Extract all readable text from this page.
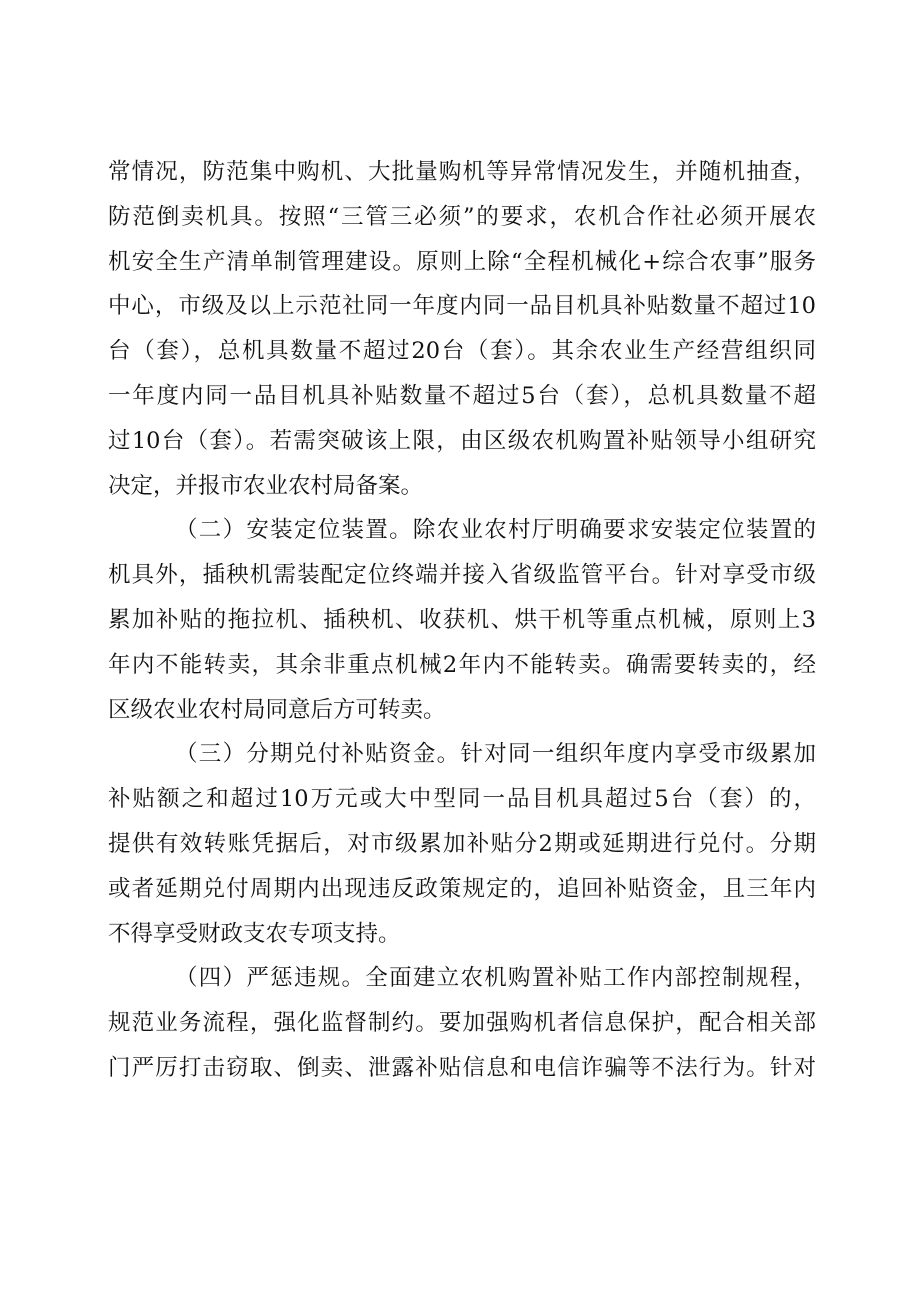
常情况，防范集中购机、大批量购机等异常情况发生，并随机抽查，
防范倒卖机具。按照“三管三必须”的要求，农机合作社必须开展农
机安全生产清单制管理建设。原则上除“全程机械化+综合农事”服务
中心，市级及以上示范社同一年度内同一品目机具补贴数量不超过10
台（套），总机具数量不超过20台（套）。其余农业生产经营组织同
一年度内同一品目机具补贴数量不超过5台（套），总机具数量不超
过10台（套）。若需突破该上限，由区级农机购置补贴领导小组研究
决定，并报市农业农村局备案。
（二）安装定位装置。除农业农村厅明确要求安装定位装置的
机具外，插秧机需装配定位终端并接入省级监管平台。针对享受市级
累加补贴的拖拉机、插秧机、收获机、烘干机等重点机械，原则上3
年内不能转卖，其余非重点机械2年内不能转卖。确需要转卖的，经
区级农业农村局同意后方可转卖。
（三）分期兑付补贴资金。针对同一组织年度内享受市级累加
补贴额之和超过10万元或大中型同一品目机具超过5台（套）的，
提供有效转账凭据后，对市级累加补贴分2期或延期进行兑付。分期
或者延期兑付周期内出现违反政策规定的，追回补贴资金，且三年内
不得享受财政支农专项支持。
（四）严惩违规。全面建立农机购置补贴工作内部控制规程，
规范业务流程，强化监督制约。要加强购机者信息保护，配合相关部
门严厉打击窃取、倒卖、泄露补贴信息和电信诈骗等不法行为。针对
